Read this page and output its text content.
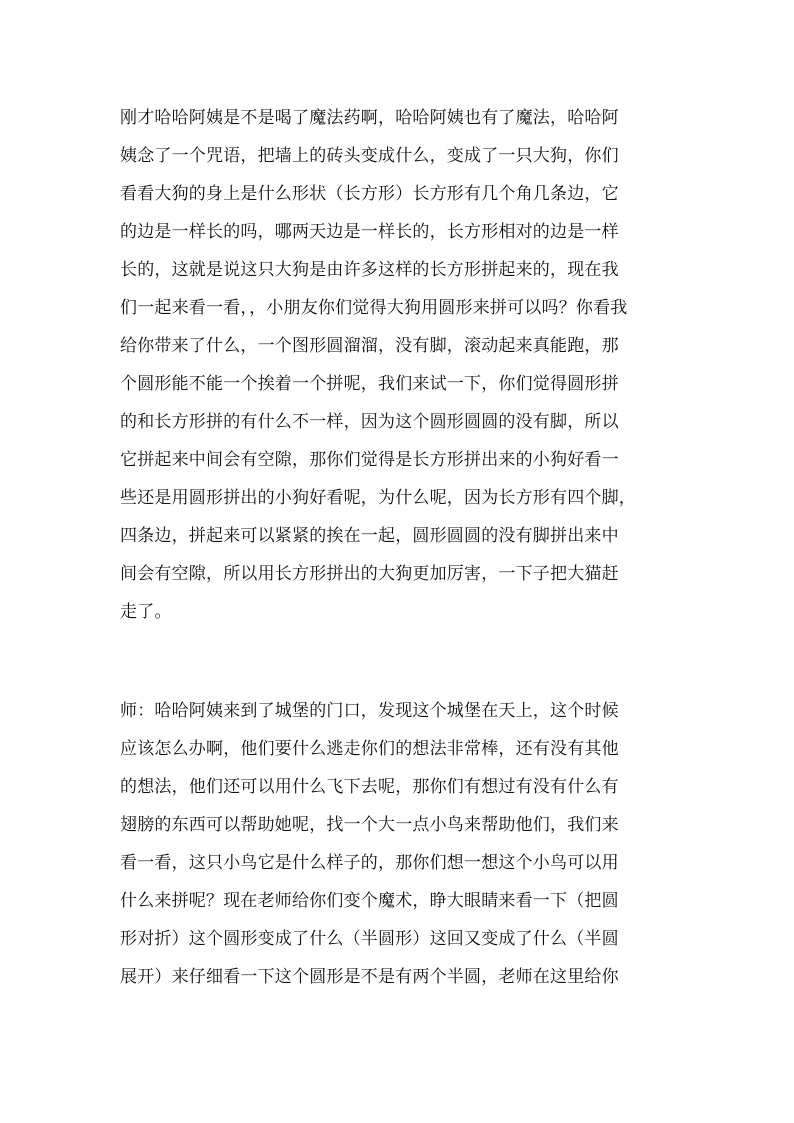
刚才哈哈阿姨是不是喝了魔法药啊，哈哈阿姨也有了魔法，哈哈阿
姨念了一个咒语，把墙上的砖头变成什么，变成了一只大狗，你们
看看大狗的身上是什么形状（长方形）长方形有几个角几条边，它
的边是一样长的吗，哪两天边是一样长的，长方形相对的边是一样
长的，这就是说这只大狗是由许多这样的长方形拼起来的，现在我
们一起来看一看，，小朋友你们觉得大狗用圆形来拼可以吗？你看我
给你带来了什么，一个图形圆溜溜，没有脚，滚动起来真能跑，那
个圆形能不能一个挨着一个拼呢，我们来试一下，你们觉得圆形拼
的和长方形拼的有什么不一样，因为这个圆形圆圆的没有脚，所以
它拼起来中间会有空隙，那你们觉得是长方形拼出来的小狗好看一
些还是用圆形拼出的小狗好看呢，为什么呢，因为长方形有四个脚，
四条边，拼起来可以紧紧的挨在一起，圆形圆圆的没有脚拼出来中
间会有空隙，所以用长方形拼出的大狗更加厉害，一下子把大猫赶
走了。
师：哈哈阿姨来到了城堡的门口，发现这个城堡在天上，这个时候
应该怎么办啊，他们要什么逃走你们的想法非常棒，还有没有其他
的想法，他们还可以用什么飞下去呢，那你们有想过有没有什么有
翅膀的东西可以帮助她呢，找一个大一点小鸟来帮助他们，我们来
看一看，这只小鸟它是什么样子的，那你们想一想这个小鸟可以用
什么来拼呢？现在老师给你们变个魔术，睁大眼睛来看一下（把圆
形对折）这个圆形变成了什么（半圆形）这回又变成了什么（半圆
展开）来仔细看一下这个圆形是不是有两个半圆，老师在这里给你
